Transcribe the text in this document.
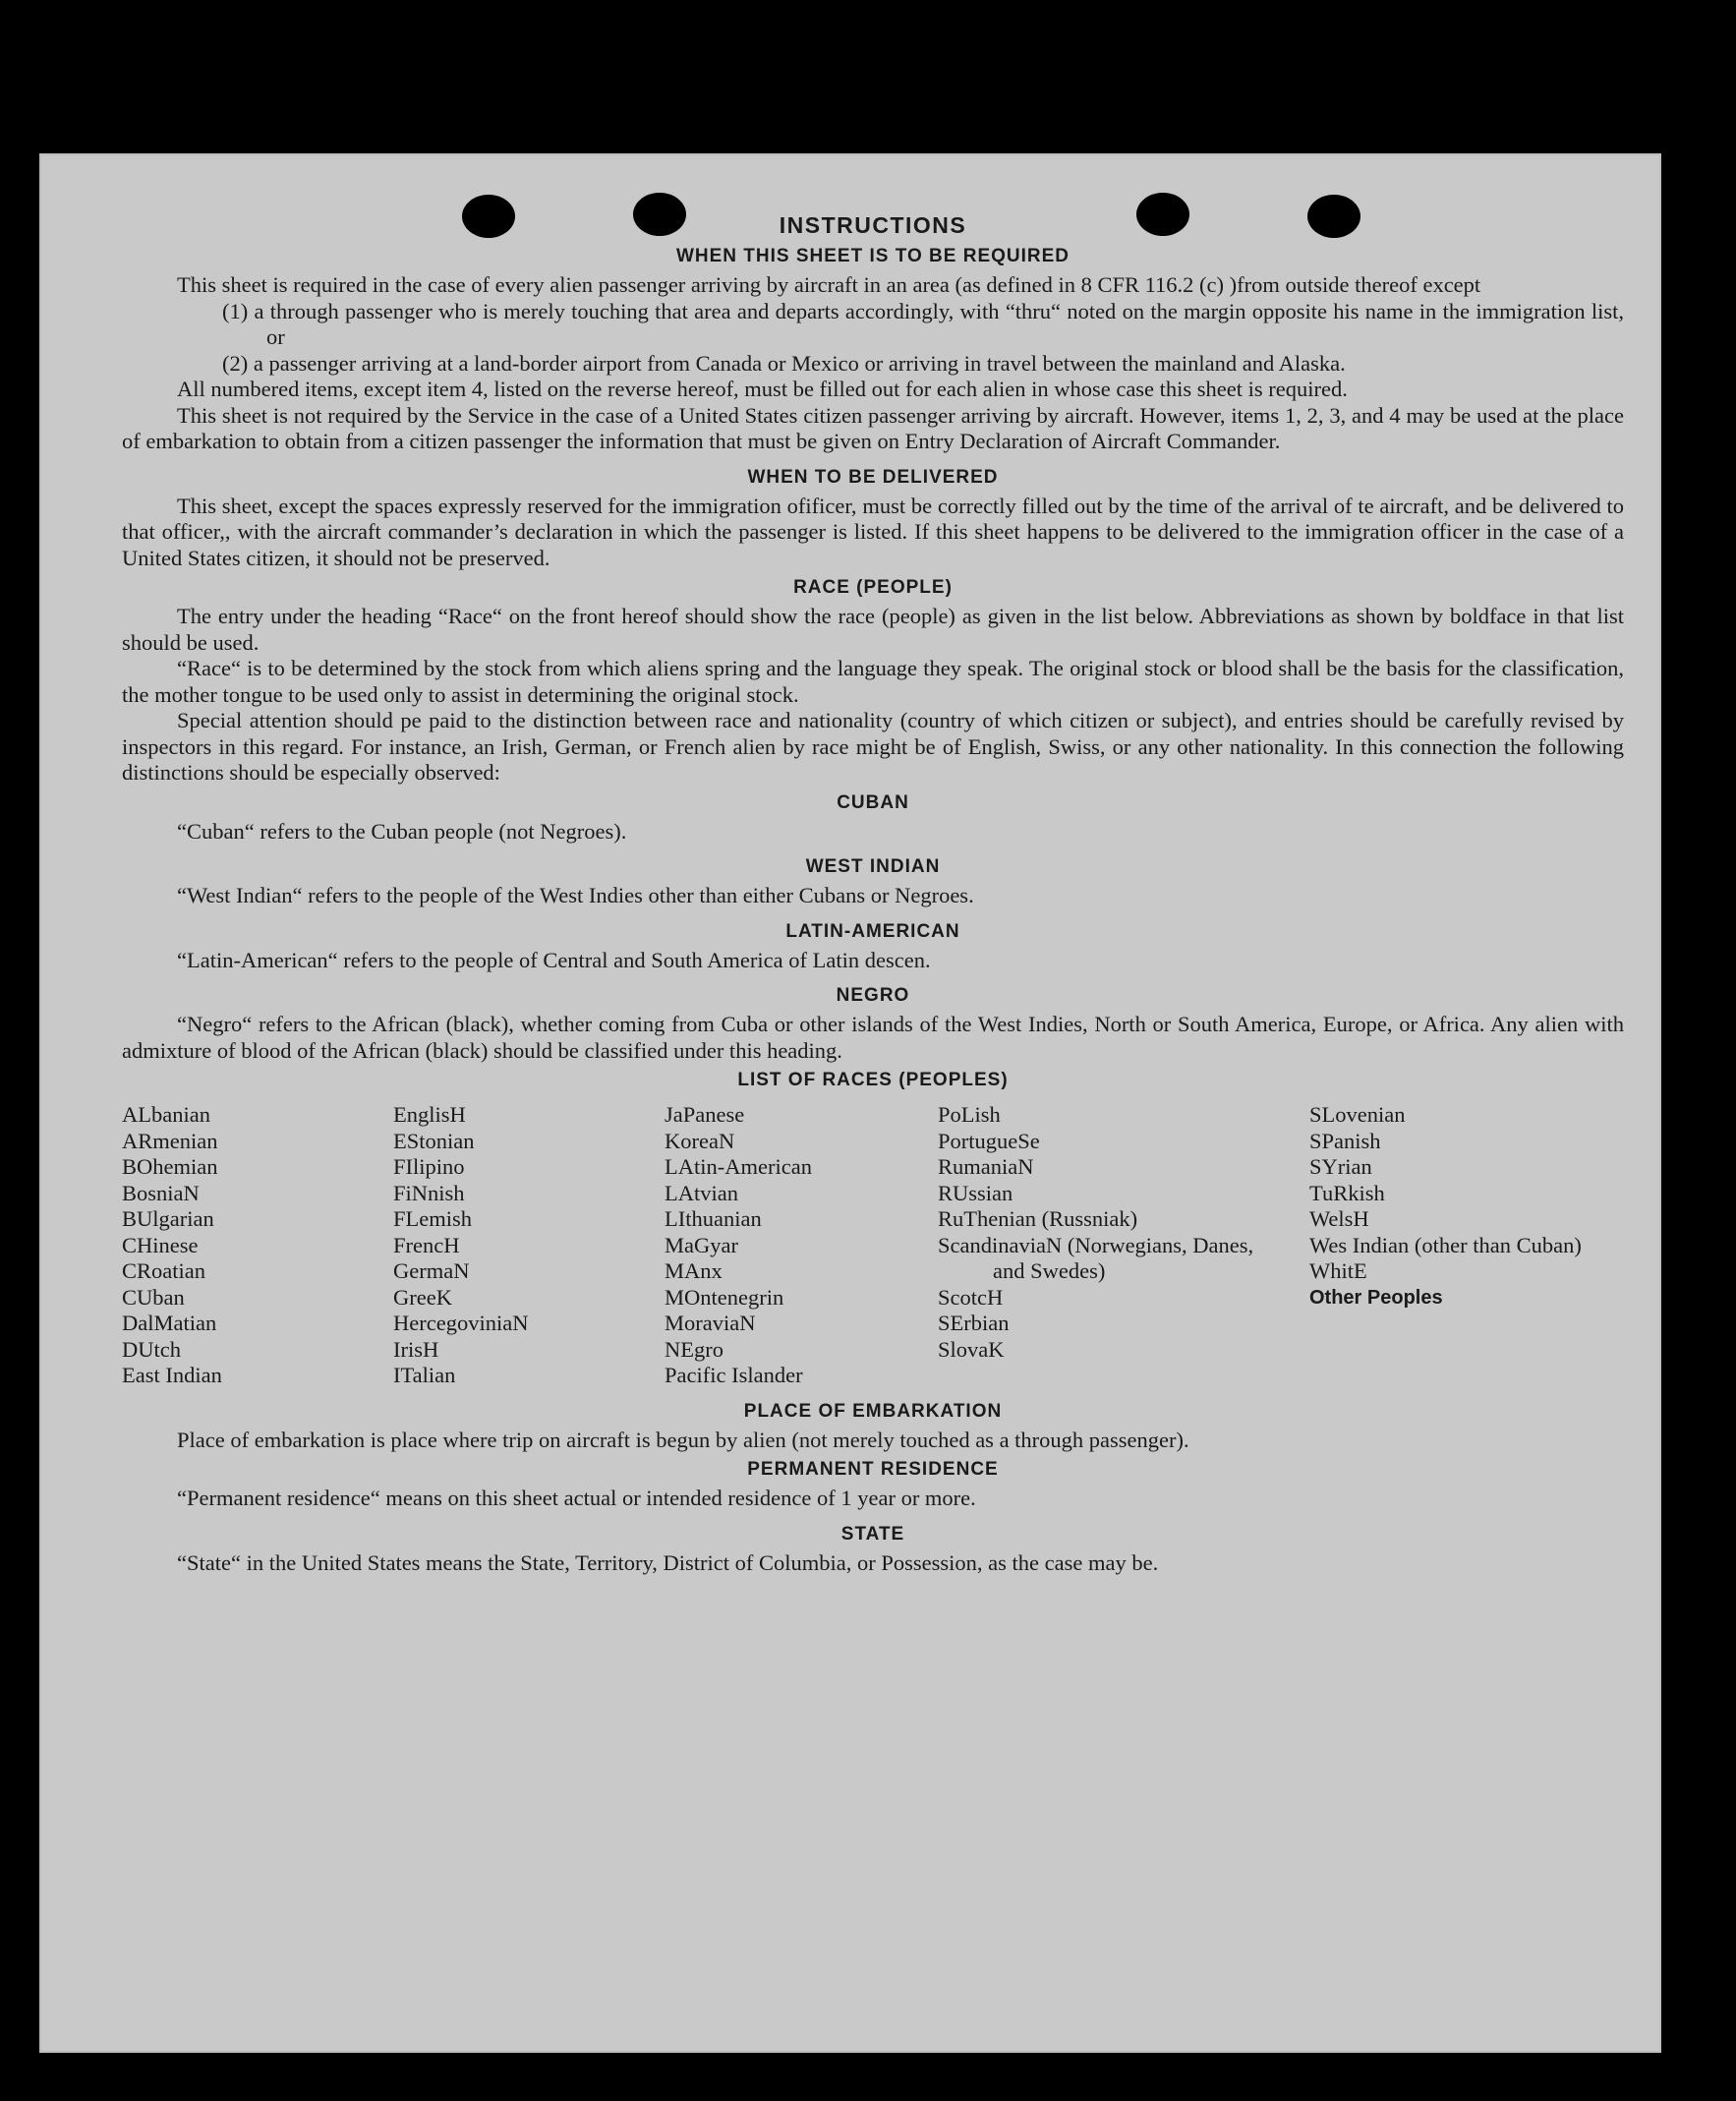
INSTRUCTIONS
WHEN THIS SHEET IS TO BE REQUIRED

This sheet is required in the case of every alien passenger arriving by aircraft in an area (as defined in 8 CFR 116.2 (c) )from outside thereof except

(1) a through passenger who is merely touching that area and departs accordingly, with “thru“ noted on the margin opposite his name in the immigration list, or

(2) a passenger arriving at a land-border airport from Canada or Mexico or arriving in travel between the mainland and Alaska.

All numbered items, except item 4, listed on the reverse hereof, must be filled out for each alien in whose case this sheet is required.

This sheet is not required by the Service in the case of a United States citizen passenger arriving by aircraft. However, items 1, 2, 3, and 4 may be used at the place of embarkation to obtain from a citizen passenger the information that must be given on Entry Declaration of Aircraft Commander.

WHEN TO BE DELIVERED

This sheet, except the spaces expressly reserved for the immigration ofificer, must be correctly filled out by the time of the arrival of te aircraft, and be delivered to that officer,, with the aircraft commander’s declaration in which the passenger is listed. If this sheet happens to be delivered to the immigration officer in the case of a United States citizen, it should not be preserved.

RACE (PEOPLE)

The entry under the heading “Race“ on the front hereof should show the race (people) as given in the list below. Abbreviations as shown by boldface in that list should be used.

“Race“ is to be determined by the stock from which aliens spring and the language they speak. The original stock or blood shall be the basis for the classification, the mother tongue to be used only to assist in determining the original stock.

Special attention should pe paid to the distinction between race and nationality (country of which citizen or subject), and entries should be carefully revised by inspectors in this regard. For instance, an Irish, German, or French alien by race might be of English, Swiss, or any other nationality. In this connection the following distinctions should be especially observed:

CUBAN

“Cuban“ refers to the Cuban people (not Negroes).

WEST INDIAN

“West Indian“ refers to the people of the West Indies other than either Cubans or Negroes.

LATIN-AMERICAN

“Latin-American“ refers to the people of Central and South America of Latin descen.

NEGRO

“Negro“ refers to the African (black), whether coming from Cuba or other islands of the West Indies, North or South America, Europe, or Africa. Any alien with admixture of blood of the African (black) should be classified under this heading.

LIST OF RACES (PEOPLES)
ALbanian
ARmenian
BOhemian
BosniaN
BUlgarian
CHinese
CRoatian
CUban
DalMatian
DUtch
East Indian
EnglisH
EStonian
FIlipino
FiNnish
FLemish
FrencH
GermaN
GreeK
HercegoviniaN
IrisH
ITalian
JaPanese
KoreaN
LAtin-American
LAtvian
LIthuanian
MaGyar
MAnx
MOntenegrin
MoraviaN
NEgro
Pacific Islander
PoLish
PortugueSe
RumaniaN
RUssian
RuThenian (Russniak)
ScandinaviaN (Norwegians, Danes, and Swedes)
ScotcH
SErbian
SlovaK
SLovenian
SPanish
SYrian
TuRkish
WelsH
Wes Indian (other than Cuban)
WhitE
Other Peoples
PLACE OF EMBARKATION

Place of embarkation is place where trip on aircraft is begun by alien (not merely touched as a through passenger).

PERMANENT RESIDENCE

“Permanent residence“ means on this sheet actual or intended residence of 1 year or more.

STATE

“State“ in the United States means the State, Territory, District of Columbia, or Possession, as the case may be.
